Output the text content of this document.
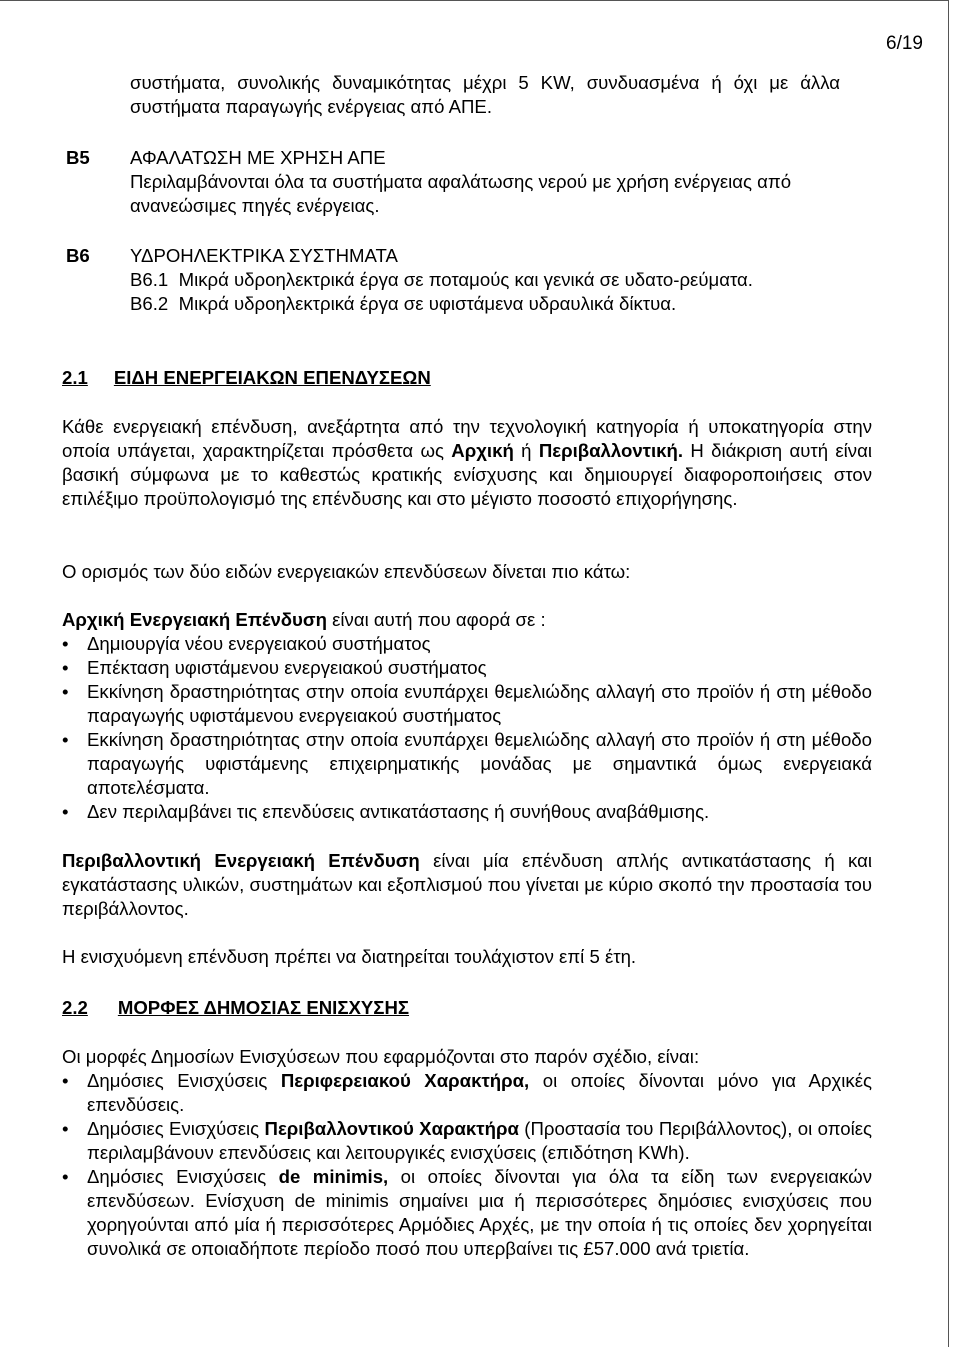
6/19
συστήματα, συνολικής δυναμικότητας μέχρι 5 KW, συνδυασμένα ή όχι με άλλα συστήματα παραγωγής ενέργειας από ΑΠΕ.
Β5 ΑΦΑΛΑΤΩΣΗ ΜΕ ΧΡΗΣΗ ΑΠΕ
Περιλαμβάνονται όλα τα συστήματα αφαλάτωσης νερού με χρήση ενέργειας από ανανεώσιμες πηγές ενέργειας.
Β6 ΥΔΡΟΗΛΕΚΤΡΙΚΑ ΣΥΣΤΗΜΑΤΑ
Β6.1 Μικρά υδροηλεκτρικά έργα σε ποταμούς και γενικά σε υδατο-ρεύματα.
Β6.2 Μικρά υδροηλεκτρικά έργα σε υφιστάμενα υδραυλικά δίκτυα.
2.1 ΕΙΔΗ ΕΝΕΡΓΕΙΑΚΩΝ ΕΠΕΝΔΥΣΕΩΝ
Κάθε ενεργειακή επένδυση, ανεξάρτητα από την τεχνολογική κατηγορία ή υποκατηγορία στην οποία υπάγεται, χαρακτηρίζεται πρόσθετα ως Αρχική ή Περιβαλλοντική. Η διάκριση αυτή είναι βασική σύμφωνα με το καθεστώς κρατικής ενίσχυσης και δημιουργεί διαφοροποιήσεις στον επιλέξιμο προϋπολογισμό της επένδυσης και στο μέγιστο ποσοστό επιχορήγησης.
Ο ορισμός των δύο ειδών ενεργειακών επενδύσεων δίνεται πιο κάτω:
Αρχική Ενεργειακή Επένδυση είναι αυτή που αφορά σε :
• Δημιουργία νέου ενεργειακού συστήματος
• Επέκταση υφιστάμενου ενεργειακού συστήματος
• Εκκίνηση δραστηριότητας στην οποία ενυπάρχει θεμελιώδης αλλαγή στο προϊόν ή στη μέθοδο παραγωγής υφιστάμενου ενεργειακού συστήματος
• Εκκίνηση δραστηριότητας στην οποία ενυπάρχει θεμελιώδης αλλαγή στο προϊόν ή στη μέθοδο παραγωγής υφιστάμενης επιχειρηματικής μονάδας με σημαντικά όμως ενεργειακά αποτελέσματα.
• Δεν περιλαμβάνει τις επενδύσεις αντικατάστασης ή συνήθους αναβάθμισης.
Περιβαλλοντική Ενεργειακή Επένδυση είναι μία επένδυση απλής αντικατάστασης ή και εγκατάστασης υλικών, συστημάτων και εξοπλισμού που γίνεται με κύριο σκοπό την προστασία του περιβάλλοντος.
Η ενισχυόμενη επένδυση πρέπει να διατηρείται τουλάχιστον επί 5 έτη.
2.2 ΜΟΡΦΕΣ ΔΗΜΟΣΙΑΣ ΕΝΙΣΧΥΣΗΣ
Οι μορφές Δημοσίων Ενισχύσεων που εφαρμόζονται στο παρόν σχέδιο, είναι:
• Δημόσιες Ενισχύσεις Περιφερειακού Χαρακτήρα, οι οποίες δίνονται μόνο για Αρχικές επενδύσεις.
• Δημόσιες Ενισχύσεις Περιβαλλοντικού Χαρακτήρα (Προστασία του Περιβάλλοντος), οι οποίες περιλαμβάνουν επενδύσεις και λειτουργικές ενισχύσεις (επιδότηση KWh).
• Δημόσιες Ενισχύσεις de minimis, οι οποίες δίνονται για όλα τα είδη των ενεργειακών επενδύσεων. Ενίσχυση de minimis σημαίνει μια ή περισσότερες δημόσιες ενισχύσεις που χορηγούνται από μία ή περισσότερες Αρμόδιες Αρχές, με την οποία ή τις οποίες δεν χορηγείται συνολικά σε οποιαδήποτε περίοδο ποσό που υπερβαίνει τις £57.000 ανά τριετία.
